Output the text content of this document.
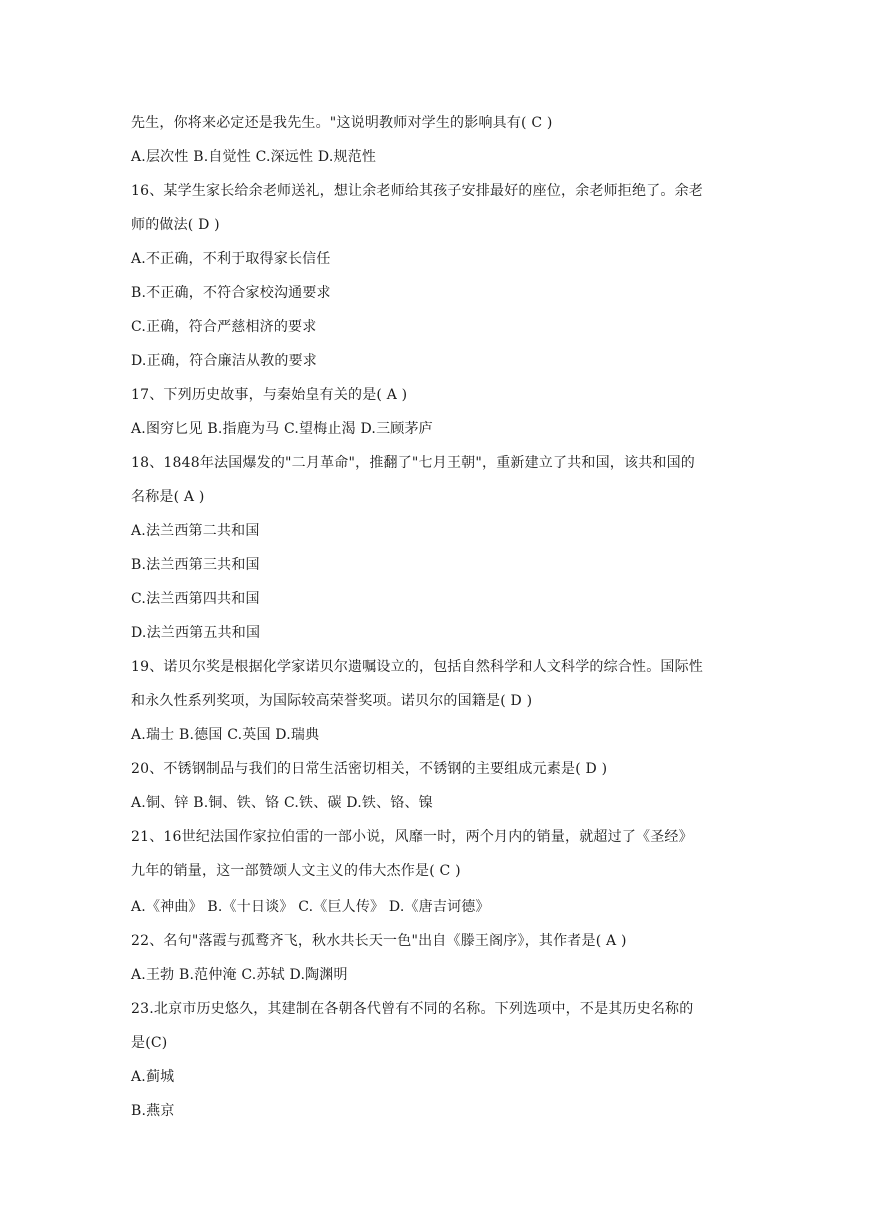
先生，你将来必定还是我先生。"这说明教师对学生的影响具有( C )
A.层次性 B.自觉性 C.深远性 D.规范性
16、某学生家长给余老师送礼，想让余老师给其孩子安排最好的座位，余老师拒绝了。余老
师的做法( D )
A.不正确，不利于取得家长信任
B.不正确，不符合家校沟通要求
C.正确，符合严慈相济的要求
D.正确，符合廉洁从教的要求
17、下列历史故事，与秦始皇有关的是( A )
A.图穷匕见 B.指鹿为马 C.望梅止渴 D.三顾茅庐
18、1848年法国爆发的"二月革命"，推翻了"七月王朝"，重新建立了共和国，该共和国的
名称是( A )
A.法兰西第二共和国
B.法兰西第三共和国
C.法兰西第四共和国
D.法兰西第五共和国
19、诺贝尔奖是根据化学家诺贝尔遗嘱设立的，包括自然科学和人文科学的综合性。国际性
和永久性系列奖项，为国际较高荣誉奖项。诺贝尔的国籍是( D )
A.瑞士 B.德国 C.英国 D.瑞典
20、不锈钢制品与我们的日常生活密切相关，不锈钢的主要组成元素是( D )
A.铜、锌 B.铜、铁、铬 C.铁、碳 D.铁、铬、镍
21、16世纪法国作家拉伯雷的一部小说，风靡一时，两个月内的销量，就超过了《圣经》
九年的销量，这一部赞颂人文主义的伟大杰作是( C )
A.《神曲》 B.《十日谈》 C.《巨人传》 D.《唐吉诃德》
22、名句"落霞与孤鹜齐飞，秋水共长天一色"出自《滕王阁序》，其作者是( A )
A.王勃 B.范仲淹 C.苏轼 D.陶渊明
23.北京市历史悠久，其建制在各朝各代曾有不同的名称。下列选项中，不是其历史名称的
是(C)
A.蓟城
B.燕京
